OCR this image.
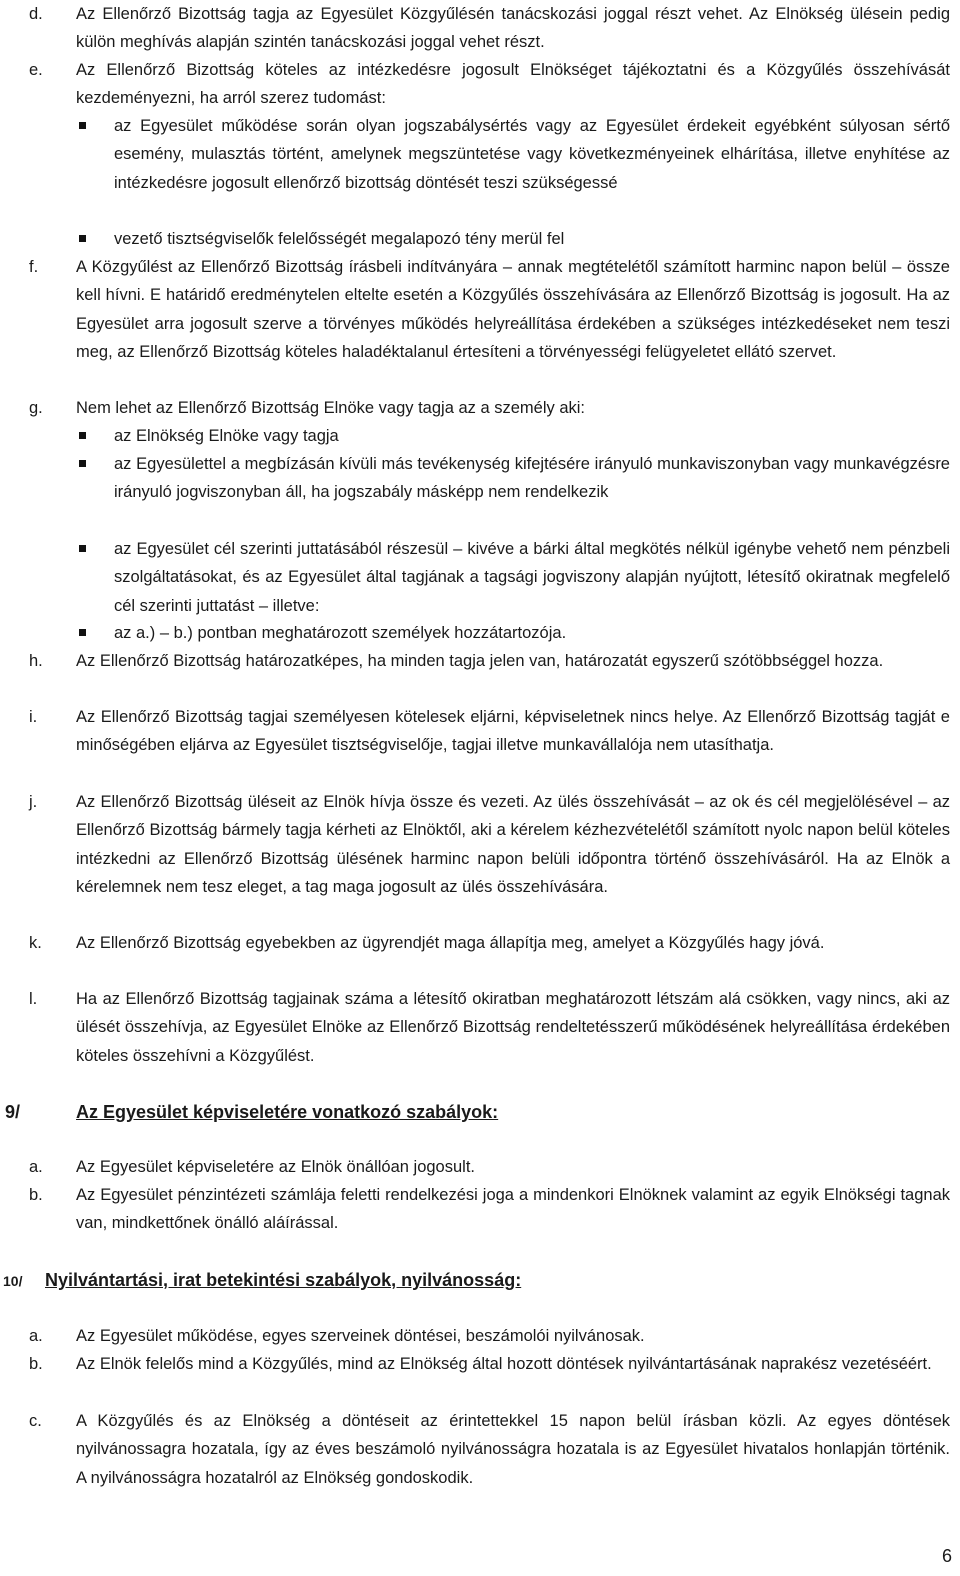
d. Az Ellenőrző Bizottság tagja az Egyesület Közgyűlésén tanácskozási joggal részt vehet. Az Elnökség ülésein pedig külön meghívás alapján szintén tanácskozási joggal vehet részt.
e. Az Ellenőrző Bizottság köteles az intézkedésre jogosult Elnökséget tájékoztatni és a Közgyűlés összehívását kezdeményezni, ha arról szerez tudomást:
az Egyesület működése során olyan jogszabálysértés vagy az Egyesület érdekeit egyébként súlyosan sértő esemény, mulasztás történt, amelynek megszüntetése vagy következményeinek elhárítása, illetve enyhítése az intézkedésre jogosult ellenőrző bizottság döntését teszi szükségessé
vezető tisztségviselők felelősségét megalapozó tény merül fel
f. A Közgyűlést az Ellenőrző Bizottság írásbeli indítványára – annak megtételétől számított harminc napon belül – össze kell hívni. E határidő eredménytelen eltelte esetén a Közgyűlés összehívására az Ellenőrző Bizottság is jogosult. Ha az Egyesület arra jogosult szerve a törvényes működés helyreállítása érdekében a szükséges intézkedéseket nem teszi meg, az Ellenőrző Bizottság köteles haladéktalanul értesíteni a törvényességi felügyeletet ellátó szervet.
g. Nem lehet az Ellenőrző Bizottság Elnöke vagy tagja az a személy aki:
az Elnökség Elnöke vagy tagja
az Egyesülettel a megbízásán kívüli más tevékenység kifejtésére irányuló munkaviszonyban vagy munkavégzésre irányuló jogviszonyban áll, ha jogszabály másképp nem rendelkezik
az Egyesület cél szerinti juttatásából részesül – kivéve a bárki által megkötés nélkül igénybe vehető nem pénzbeli szolgáltatásokat, és az Egyesület által tagjának a tagsági jogviszony alapján nyújtott, létesítő okiratnak megfelelő cél szerinti juttatást – illetve:
az a.) – b.) pontban meghatározott személyek hozzátartozója.
h. Az Ellenőrző Bizottság határozatképes, ha minden tagja jelen van, határozatát egyszerű szótöbbséggel hozza.
i. Az Ellenőrző Bizottság tagjai személyesen kötelesek eljárni, képviseletnek nincs helye. Az Ellenőrző Bizottság tagját e minőségében eljárva az Egyesület tisztségviselője, tagjai illetve munkavállalója nem utasíthatja.
j. Az Ellenőrző Bizottság üléseit az Elnök hívja össze és vezeti. Az ülés összehívását – az ok és cél megjelölésével – az Ellenőrző Bizottság bármely tagja kérheti az Elnöktől, aki a kérelem kézhezvételétől számított nyolc napon belül köteles intézkedni az Ellenőrző Bizottság ülésének harminc napon belüli időpontra történő összehívásáról. Ha az Elnök a kérelemnek nem tesz eleget, a tag maga jogosult az ülés összehívására.
k. Az Ellenőrző Bizottság egyebekben az ügyrendjét maga állapítja meg, amelyet a Közgyűlés hagy jóvá.
l. Ha az Ellenőrző Bizottság tagjainak száma a létesítő okiratban meghatározott létszám alá csökken, vagy nincs, aki az ülését összehívja, az Egyesület Elnöke az Ellenőrző Bizottság rendeltetésszerű működésének helyreállítása érdekében köteles összehívni a Közgyűlést.
9/	Az Egyesület képviseletére vonatkozó szabályok:
a. Az Egyesület képviseletére az Elnök önállóan jogosult.
b. Az Egyesület pénzintézeti számlája feletti rendelkezési joga a mindenkori Elnöknek valamint az egyik Elnökségi tagnak van, mindkettőnek önálló aláírással.
10/ Nyilvántartási, irat betekintési szabályok, nyilvánosság:
a. Az Egyesület működése, egyes szerveinek döntései, beszámolói nyilvánosak.
b. Az Elnök felelős mind a Közgyűlés, mind az Elnökség által hozott döntések nyilvántartásának naprakész vezetéséért.
c. A Közgyűlés és az Elnökség a döntéseit az érintettekkel 15 napon belül írásban közli. Az egyes döntések nyilvánossagra hozatala, így az éves beszámoló nyilvánosságra hozatala is az Egyesület hivatalos honlapján történik. A nyilvánosságra hozatalról az Elnökség gondoskodik.
6
